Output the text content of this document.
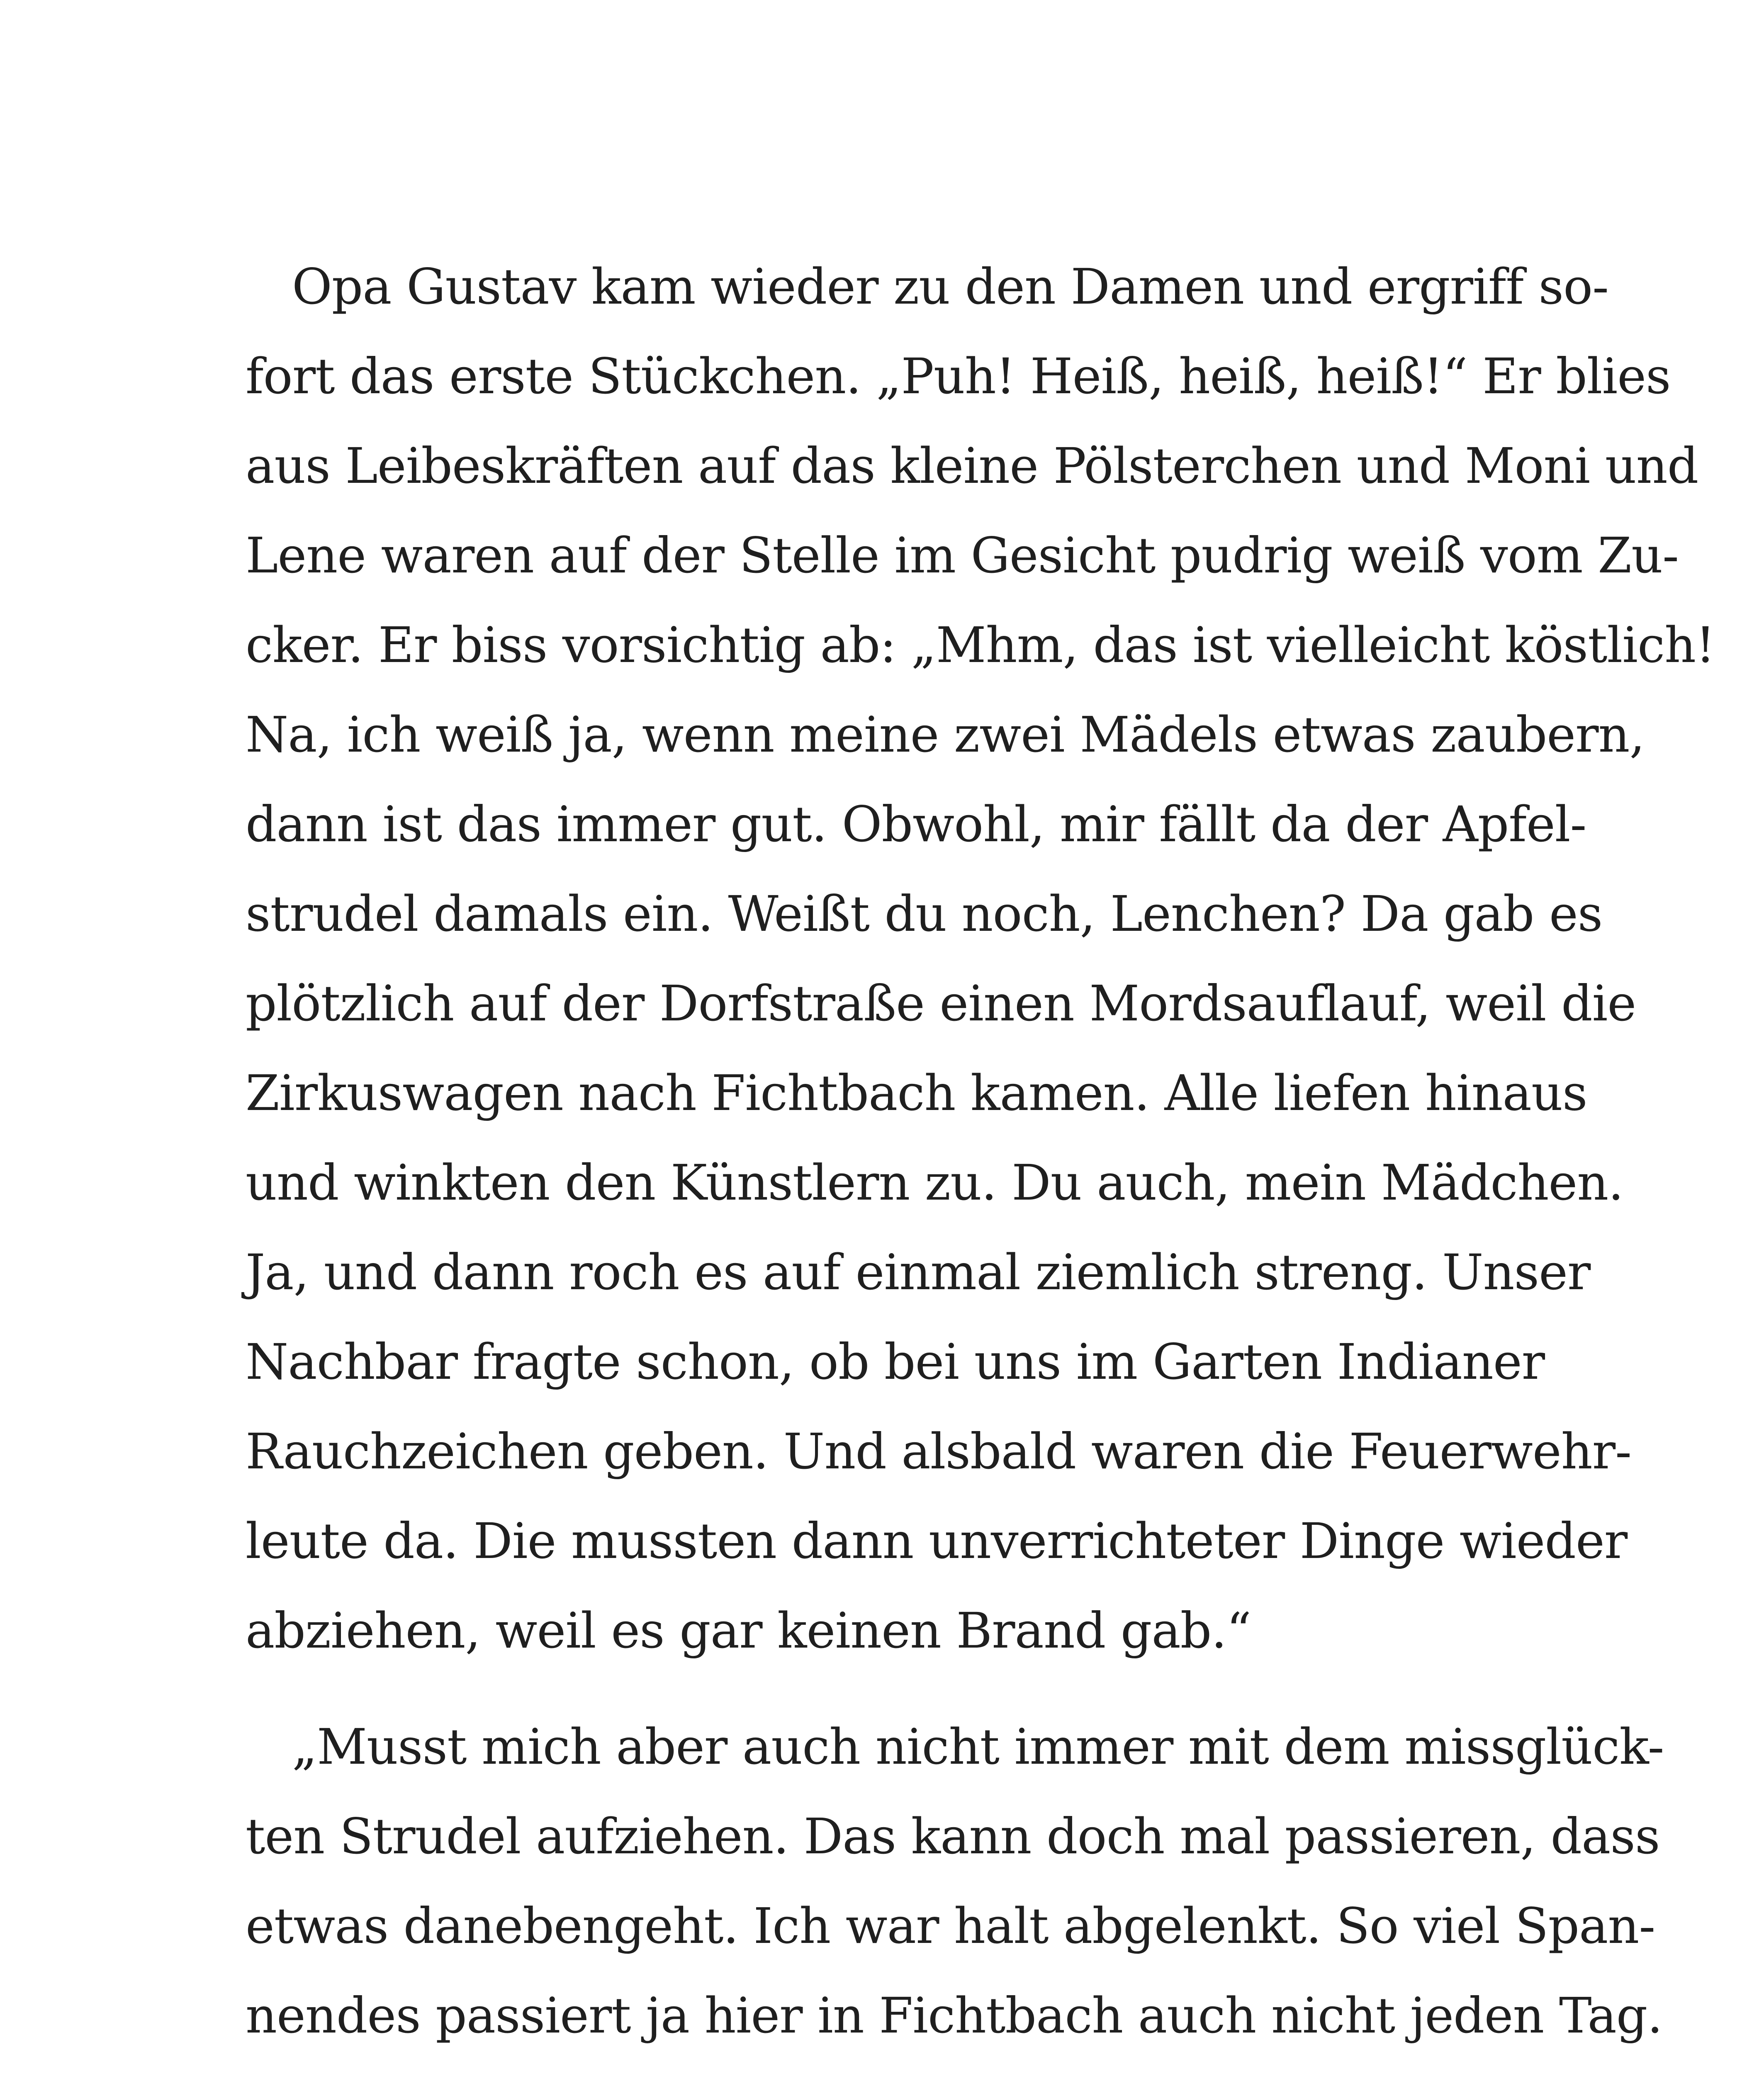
Opa Gustav kam wieder zu den Damen und ergriff so-
fort das erste Stückchen. „Puh! Heiß, heiß, heiß!“ Er blies
aus Leibeskräften auf das kleine Pölsterchen und Moni und
Lene waren auf der Stelle im Gesicht pudrig weiß vom Zu-
cker. Er biss vorsichtig ab: „Mhm, das ist vielleicht köstlich!
Na, ich weiß ja, wenn meine zwei Mädels etwas zaubern,
dann ist das immer gut. Obwohl, mir fällt da der Apfel-
strudel damals ein. Weißt du noch, Lenchen? Da gab es
plötzlich auf der Dorfstraße einen Mordsauflauf, weil die
Zirkuswagen nach Fichtbach kamen. Alle liefen hinaus
und winkten den Künstlern zu. Du auch, mein Mädchen.
Ja, und dann roch es auf einmal ziemlich streng. Unser
Nachbar fragte schon, ob bei uns im Garten Indianer
Rauchzeichen geben. Und alsbald waren die Feuerwehr-
leute da. Die mussten dann unverrichteter Dinge wieder
abziehen, weil es gar keinen Brand gab.“
„Musst mich aber auch nicht immer mit dem missglück-
ten Strudel aufziehen. Das kann doch mal passieren, dass
etwas danebengeht. Ich war halt abgelenkt. So viel Span-
nendes passiert ja hier in Fichtbach auch nicht jeden Tag.
